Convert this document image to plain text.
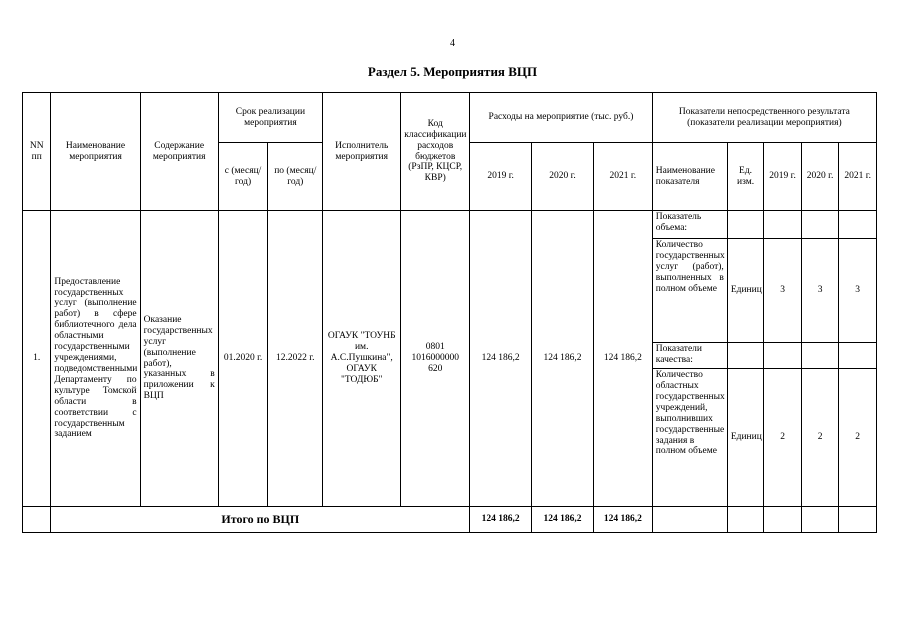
4
Раздел 5. Мероприятия ВЦП
NN пп	Наименование мероприятия	Содержание мероприятия	Срок реализации мероприятия		Исполнитель мероприятия	Код классификации расходов бюджетов (РзПР, КЦСР, КВР)	Расходы на мероприятие (тыс. руб.)			Показатели непосредственного результата (показатели реализации мероприятия)				
			с (месяц/год)	по (месяц/год)			2019 г.	2020 г.	2021 г.	Наименование показателя	Ед. изм.	2019 г.	2020 г.	2021 г.
1.	Предоставление государственных услуг (выполнение работ) в сфере библиотечного дела областными государственными учреждениями, подведомственными Департаменту по культуре Томской области в соответствии с государственным заданием	Оказание государственных услуг (выполнение работ), указанных в приложении к ВЦП	01.2020 г.	12.2022 г.	ОГАУК "ТОУНБ им. А.С.Пушкина", ОГАУК "ТОДЮБ"	0801 1016000000 620	124 186,2	124 186,2	124 186,2	Показатель объема:				
										Количество государственных услуг (работ), выполненных в полном объеме	Единиц	3	3	3
										Показатели качества:				
										Количество областных государственных учреждений, выполнивших государственные задания в полном объеме	Единиц	2	2	2
	Итого по ВЦП						124 186,2	124 186,2	124 186,2					
